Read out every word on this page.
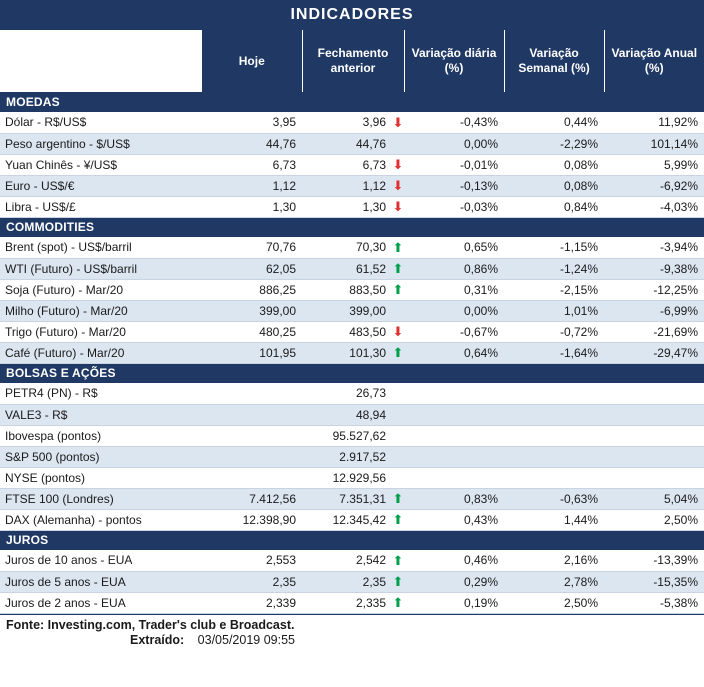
INDICADORES
	Hoje	Fechamento anterior		Variação diária (%)	Variação Semanal (%)	Variação Anual (%)
MOEDAS						
Dólar - R$/US$	3,95	3,96	⬇	-0,43%	0,44%	11,92%
Peso argentino - $/US$	44,76	44,76		0,00%	-2,29%	101,14%
Yuan Chinês - ¥/US$	6,73	6,73	⬇	-0,01%	0,08%	5,99%
Euro - US$/€	1,12	1,12	⬇	-0,13%	0,08%	-6,92%
Libra - US$/£	1,30	1,30	⬇	-0,03%	0,84%	-4,03%
COMMODITIES						
Brent (spot) - US$/barril	70,76	70,30	⬆	0,65%	-1,15%	-3,94%
WTI (Futuro) - US$/barril	62,05	61,52	⬆	0,86%	-1,24%	-9,38%
Soja (Futuro) - Mar/20	886,25	883,50	⬆	0,31%	-2,15%	-12,25%
Milho (Futuro) - Mar/20	399,00	399,00		0,00%	1,01%	-6,99%
Trigo (Futuro) - Mar/20	480,25	483,50	⬇	-0,67%	-0,72%	-21,69%
Café (Futuro) - Mar/20	101,95	101,30	⬆	0,64%	-1,64%	-29,47%
BOLSAS E AÇÕES						
PETR4 (PN) - R$		26,73				
VALE3 - R$		48,94				
Ibovespa (pontos)		95.527,62				
S&P 500 (pontos)		2.917,52				
NYSE (pontos)		12.929,56				
FTSE 100 (Londres)	7.412,56	7.351,31	⬆	0,83%	-0,63%	5,04%
DAX (Alemanha) - pontos	12.398,90	12.345,42	⬆	0,43%	1,44%	2,50%
JUROS						
Juros de 10 anos - EUA	2,553	2,542	⬆	0,46%	2,16%	-13,39%
Juros de 5 anos - EUA	2,35	2,35	⬆	0,29%	2,78%	-15,35%
Juros de 2 anos - EUA	2,339	2,335	⬆	0,19%	2,50%	-5,38%
Fonte: Investing.com, Trader's club e Broadcast.
Extraído: 03/05/2019 09:55
